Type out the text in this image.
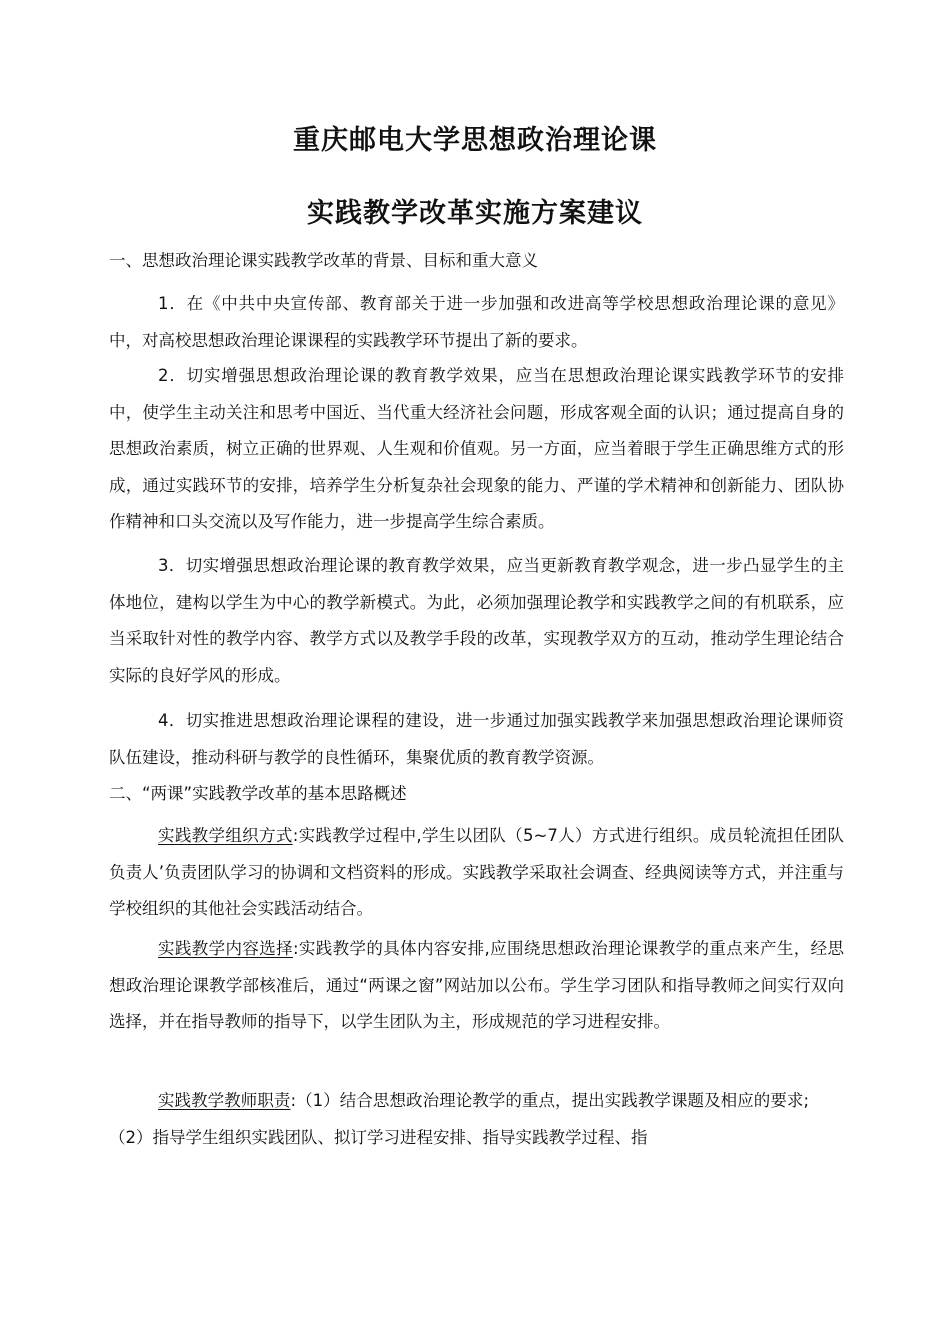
重庆邮电大学思想政治理论课
实践教学改革实施方案建议

一、思想政治理论课实践教学改革的背景、目标和重大意义

1．在《中共中央宣传部、教育部关于进一步加强和改进高等学校思想政治理论课的意见》中，对高校思想政治理论课课程的实践教学环节提出了新的要求。

2．切实增强思想政治理论课的教育教学效果，应当在思想政治理论课实践教学环节的安排中，使学生主动关注和思考中国近、当代重大经济社会问题，形成客观全面的认识；通过提高自身的思想政治素质，树立正确的世界观、人生观和价值观。另一方面，应当着眼于学生正确思维方式的形成，通过实践环节的安排，培养学生分析复杂社会现象的能力、严谨的学术精神和创新能力、团队协作精神和口头交流以及写作能力，进一步提高学生综合素质。

3．切实增强思想政治理论课的教育教学效果，应当更新教育教学观念，进一步凸显学生的主体地位，建构以学生为中心的教学新模式。为此，必须加强理论教学和实践教学之间的有机联系，应当采取针对性的教学内容、教学方式以及教学手段的改革，实现教学双方的互动，推动学生理论结合实际的良好学风的形成。

4．切实推进思想政治理论课程的建设，进一步通过加强实践教学来加强思想政治理论课师资队伍建设，推动科研与教学的良性循环，集聚优质的教育教学资源。

二、“两课”实践教学改革的基本思路概述

实践教学组织方式:实践教学过程中,学生以团队（5~7人）方式进行组织。成员轮流担任团队负责人’负责团队学习的协调和文档资料的形成。实践教学采取社会调查、经典阅读等方式，并注重与学校组织的其他社会实践活动结合。

实践教学内容选择:实践教学的具体内容安排,应围绕思想政治理论课教学的重点来产生，经思想政治理论课教学部核准后，通过“两课之窗”网站加以公布。学生学习团队和指导教师之间实行双向选择，并在指导教师的指导下，以学生团队为主，形成规范的学习进程安排。

实践教学教师职责:（1）结合思想政治理论教学的重点，提出实践教学课题及相应的要求;（2）指导学生组织实践团队、拟订学习进程安排、指导实践教学过程、指
